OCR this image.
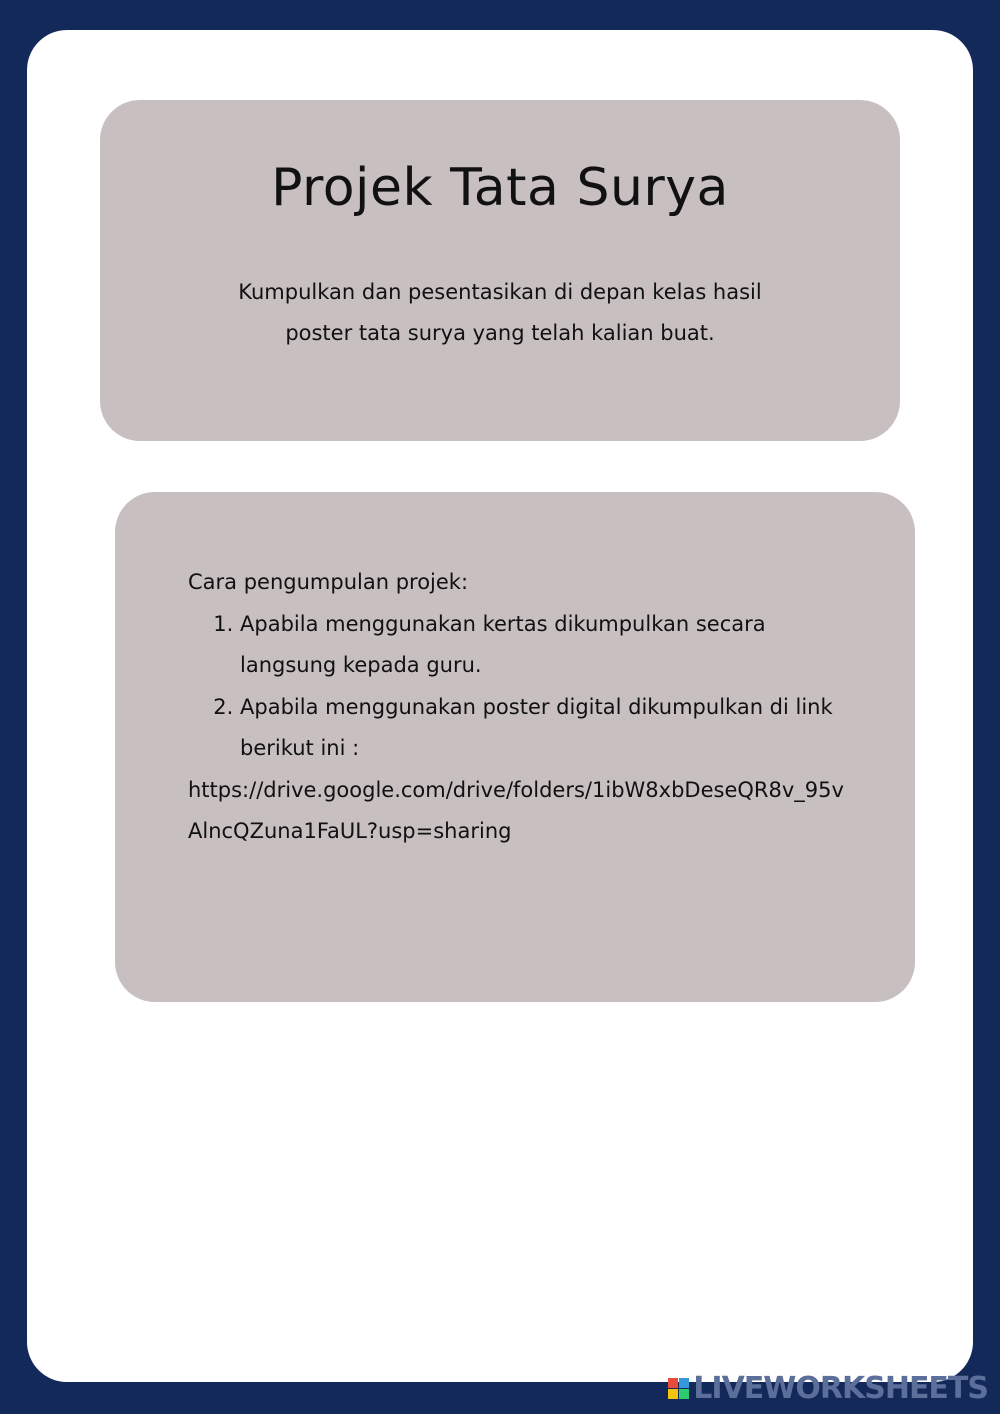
Projek Tata Surya
Kumpulkan dan pesentasikan di depan kelas hasil
poster tata surya yang telah kalian buat.

Cara pengumpulan projek:

1. Apabila menggunakan kertas dikumpulkan secara langsung kepada guru.
2. Apabila menggunakan poster digital dikumpulkan di link berikut ini :

https://drive.google.com/drive/folders/1ibW8xbDeseQR8v_95vAlncQZuna1FaUL?usp=sharing

LIVEWORKSHEETS
